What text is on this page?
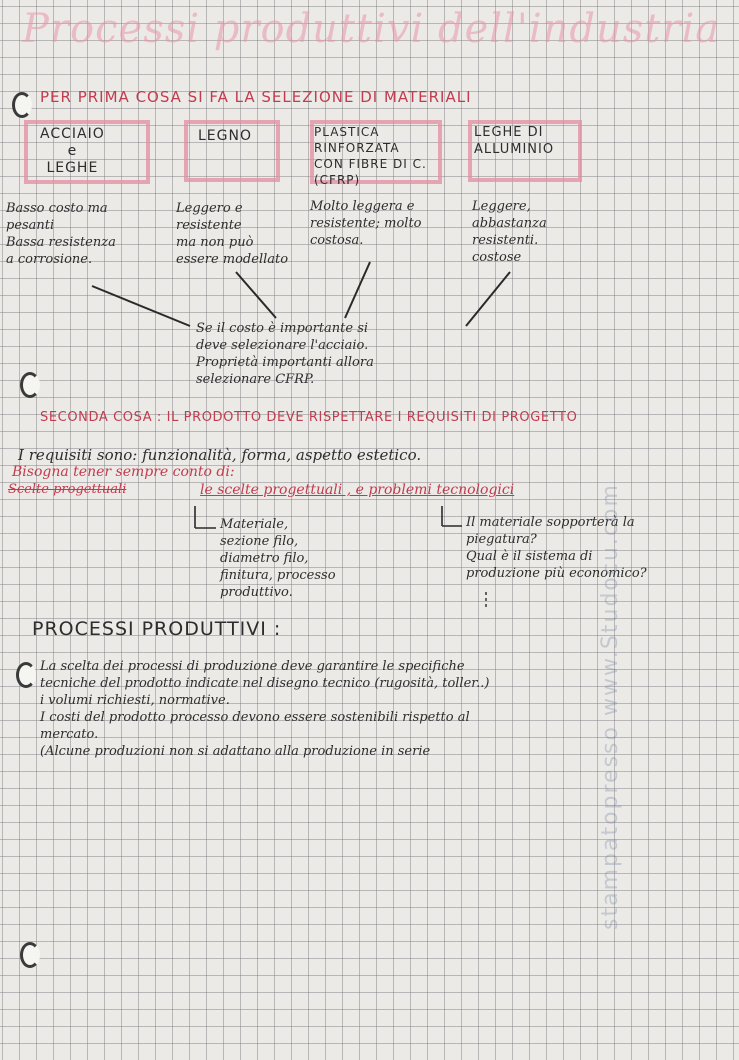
Processi produttivi dell'industria
PER PRIMA COSA SI FA LA SELEZIONE DI MATERIALI
ACCIAIO
e
LEGHE
LEGNO	PLASTICA
RINFORZATA
CON FIBRE DI C.
(CFRP)
LEGHE DI
ALLUMINIO
Basso costo ma
pesanti
Bassa resistenza
a corrosione.
Leggero e
resistente
ma non può
essere modellato
Molto leggera e
resistente; molto
costosa.
Leggere,
abbastanza
resistenti.
costose
Se il costo è importante si
deve selezionare l'acciaio.
Proprietà importanti allora
selezionare CFRP.
SECONDA COSA : IL PRODOTTO DEVE RISPETTARE I REQUISITI DI PROGETTO
I requisiti sono: funzionalità, forma, aspetto estetico.
Bisogna tener sempre conto di:
Scelte progettuali	le scelte progettuali , e problemi tecnologici
Materiale,
sezione filo,
diametro filo,
finitura, processo
produttivo.
Il materiale sopporterà la
piegatura?
Qual è il sistema di
produzione più economico?
PROCESSI PRODUTTIVI :
La scelta dei processi di produzione deve garantire le specifiche
tecniche del prodotto indicate nel disegno tecnico (rugosità, toller..)
i volumi richiesti, normative.
I costi del prodotto processo devono essere sostenibili rispetto al
mercato.
(Alcune produzioni non si adattano alla produzione in serie	stampatopresso www.Studocu.com
